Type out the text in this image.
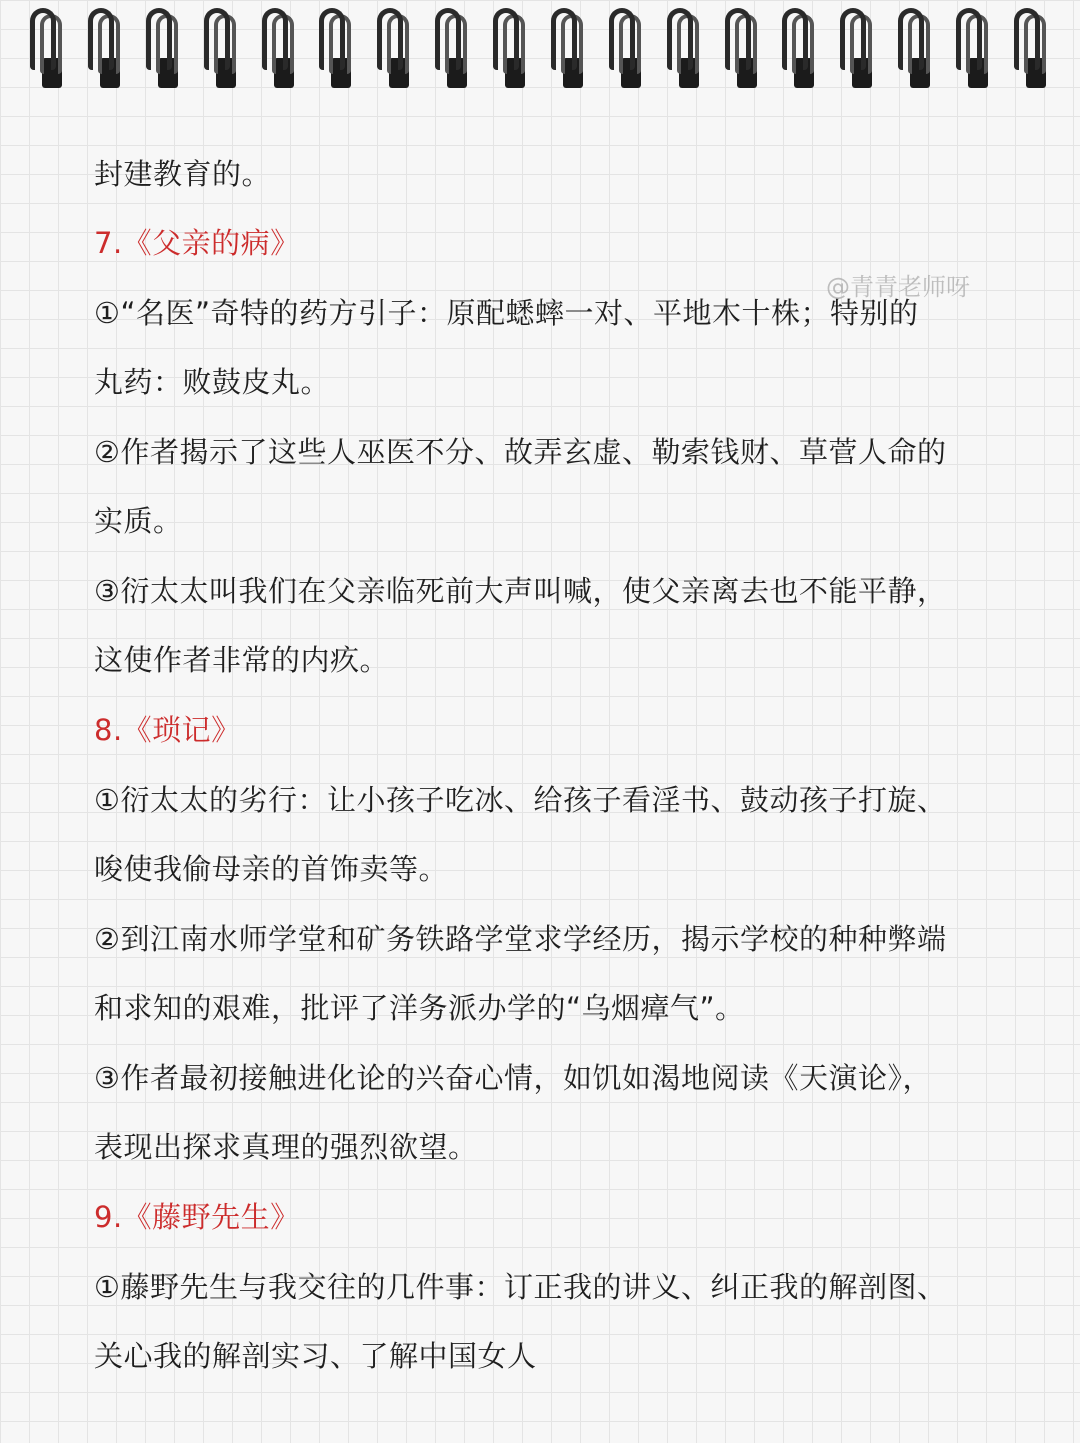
封建教育的。
7.《父亲的病》
①“名医”奇特的药方引子：原配蟋蟀一对、平地木十株；特别的
丸药：败鼓皮丸。
②作者揭示了这些人巫医不分、故弄玄虚、勒索钱财、草菅人命的
实质。
③衍太太叫我们在父亲临死前大声叫喊，使父亲离去也不能平静，
这使作者非常的内疚。
8.《琐记》
①衍太太的劣行：让小孩子吃冰、给孩子看淫书、鼓动孩子打旋、
唆使我偷母亲的首饰卖等。
②到江南水师学堂和矿务铁路学堂求学经历，揭示学校的种种弊端
和求知的艰难，批评了洋务派办学的“乌烟瘴气”。
③作者最初接触进化论的兴奋心情，如饥如渴地阅读《天演论》，
表现出探求真理的强烈欲望。
9.《藤野先生》
①藤野先生与我交往的几件事：订正我的讲义、纠正我的解剖图、
关心我的解剖实习、了解中国女人
@青青老师呀
